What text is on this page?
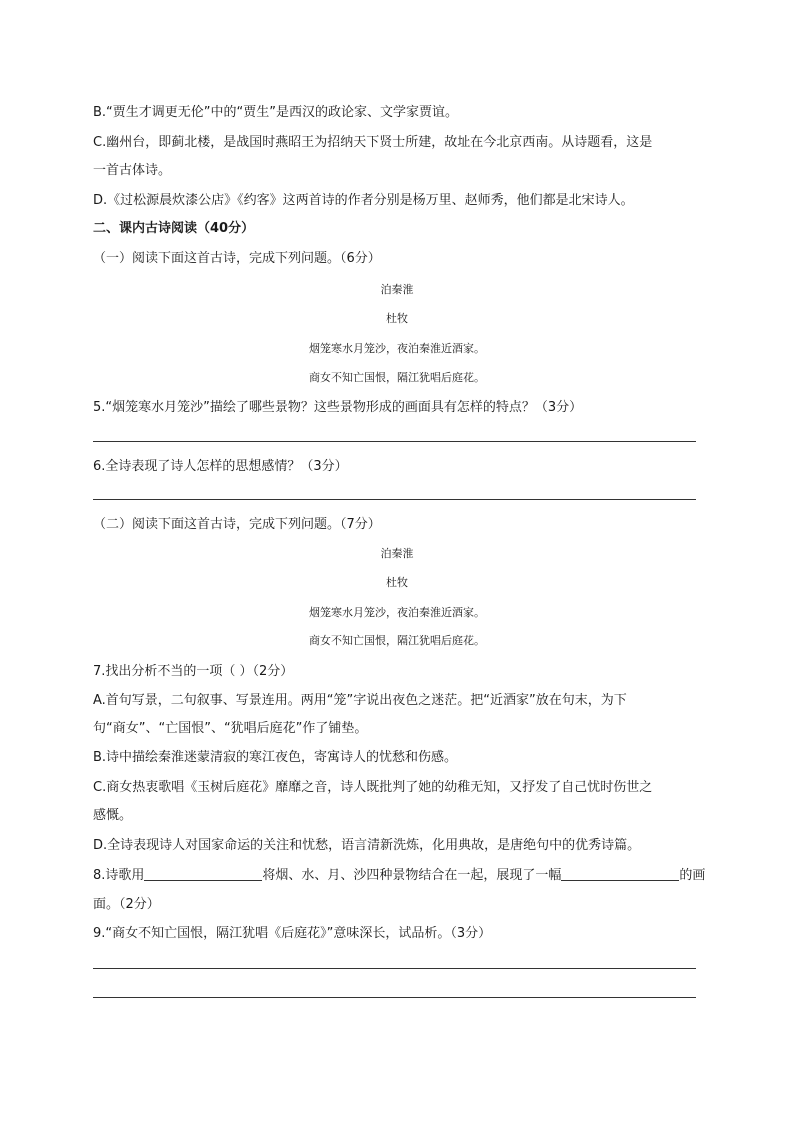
B.“贾生才调更无伦”中的“贾生”是西汉的政论家、文学家贾谊。
C.幽州台，即蓟北楼，是战国时燕昭王为招纳天下贤士所建，故址在今北京西南。从诗题看，这是
一首古体诗。
D.《过松源晨炊漆公店》《约客》这两首诗的作者分别是杨万里、赵师秀，他们都是北宋诗人。
二、课内古诗阅读（40分）
（一）阅读下面这首古诗，完成下列问题。（6分）
泊秦淮
杜牧
烟笼寒水月笼沙，夜泊秦淮近酒家。
商女不知亡国恨，隔江犹唱后庭花。
5.“烟笼寒水月笼沙”描绘了哪些景物？这些景物形成的画面具有怎样的特点？（3分）
6.全诗表现了诗人怎样的思想感情？（3分）
（二）阅读下面这首古诗，完成下列问题。（7分）
泊秦淮
杜牧
烟笼寒水月笼沙，夜泊秦淮近酒家。
商女不知亡国恨，隔江犹唱后庭花。
7.找出分析不当的一项（ ）（2分）
A.首句写景，二句叙事、写景连用。两用“笼”字说出夜色之迷茫。把“近酒家”放在句末，为下
句“商女”、“亡国恨”、“犹唱后庭花”作了铺垫。
B.诗中描绘秦淮迷蒙清寂的寒江夜色，寄寓诗人的忧愁和伤感。
C.商女热衷歌唱《玉树后庭花》靡靡之音，诗人既批判了她的幼稚无知，又抒发了自己忧时伤世之
感慨。
D.全诗表现诗人对国家命运的关注和忧愁，语言清新洗炼，化用典故，是唐绝句中的优秀诗篇。
8.诗歌用	将烟、水、月、沙四种景物结合在一起，展现了一幅	的画
面。（2分）
9.“商女不知亡国恨，隔江犹唱《后庭花》”意味深长，试品析。（3分）
